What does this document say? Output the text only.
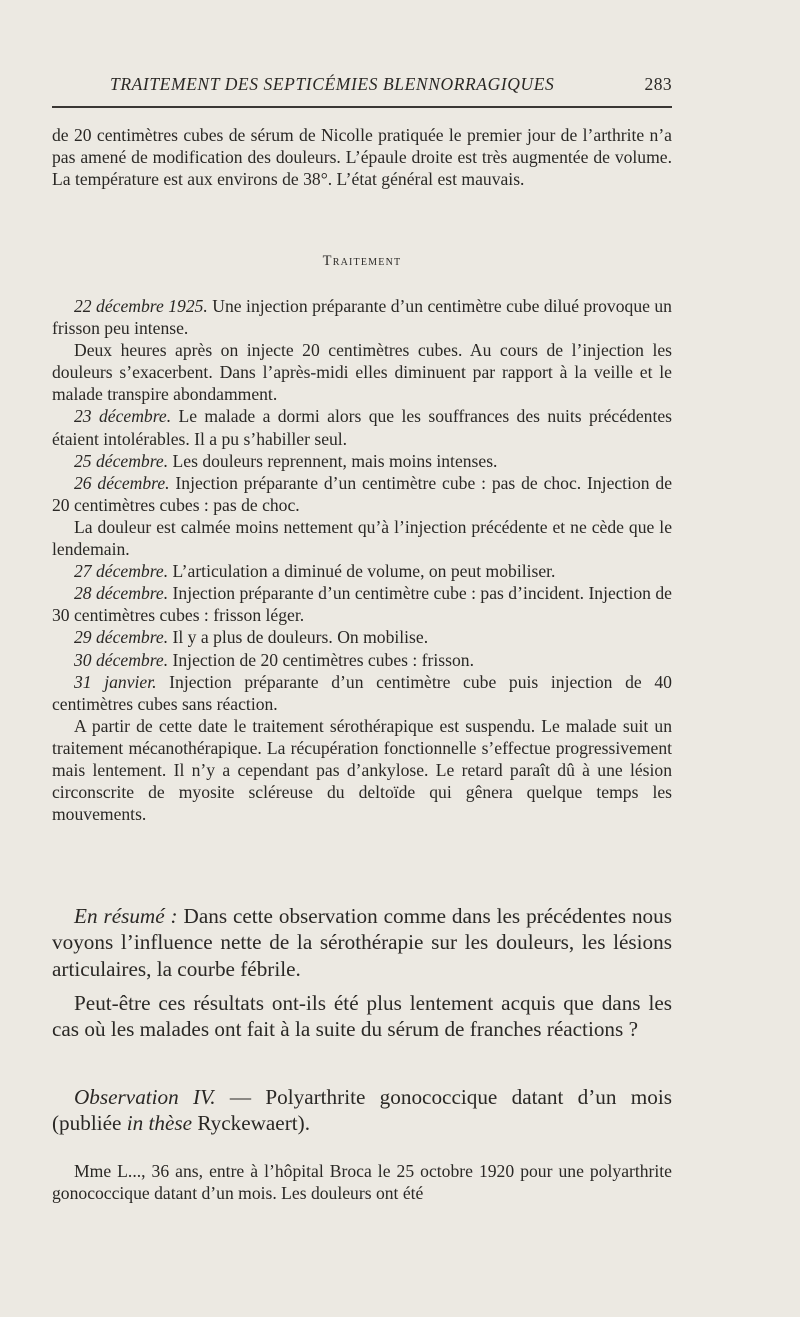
TRAITEMENT DES SEPTICÉMIES BLENNORRAGIQUES	283

de 20 centimètres cubes de sérum de Nicolle pratiquée le premier jour de l’arthrite n’a pas amené de modification des douleurs. L’épaule droite est très augmentée de volume. La température est aux environs de 38°. L’état général est mauvais.

Traitement

22 décembre 1925. Une injection préparante d’un centimètre cube dilué provoque un frisson peu intense.

Deux heures après on injecte 20 centimètres cubes. Au cours de l’injection les douleurs s’exacerbent. Dans l’après-midi elles diminuent par rapport à la veille et le malade transpire abondamment.

23 décembre. Le malade a dormi alors que les souffrances des nuits précédentes étaient intolérables. Il a pu s’habiller seul.

25 décembre. Les douleurs reprennent, mais moins intenses.

26 décembre. Injection préparante d’un centimètre cube : pas de choc. Injection de 20 centimètres cubes : pas de choc.

La douleur est calmée moins nettement qu’à l’injection précédente et ne cède que le lendemain.

27 décembre. L’articulation a diminué de volume, on peut mobiliser.

28 décembre. Injection préparante d’un centimètre cube : pas d’incident. Injection de 30 centimètres cubes : frisson léger.

29 décembre. Il y a plus de douleurs. On mobilise.

30 décembre. Injection de 20 centimètres cubes : frisson.

31 janvier. Injection préparante d’un centimètre cube puis injection de 40 centimètres cubes sans réaction.

A partir de cette date le traitement sérothérapique est suspendu. Le malade suit un traitement mécanothérapique. La récupération fonctionnelle s’effectue progressivement mais lentement. Il n’y a cependant pas d’ankylose. Le retard paraît dû à une lésion circonscrite de myosite scléreuse du deltoïde qui gênera quelque temps les mouvements.

En résumé : Dans cette observation comme dans les précédentes nous voyons l’influence nette de la sérothérapie sur les douleurs, les lésions articulaires, la courbe fébrile.

Peut-être ces résultats ont-ils été plus lentement acquis que dans les cas où les malades ont fait à la suite du sérum de franches réactions ?

Observation IV. — Polyarthrite gonococcique datant d’un mois (publiée in thèse Ryckewaert).

Mme L..., 36 ans, entre à l’hôpital Broca le 25 octobre 1920 pour une polyarthrite gonococcique datant d’un mois. Les douleurs ont été
